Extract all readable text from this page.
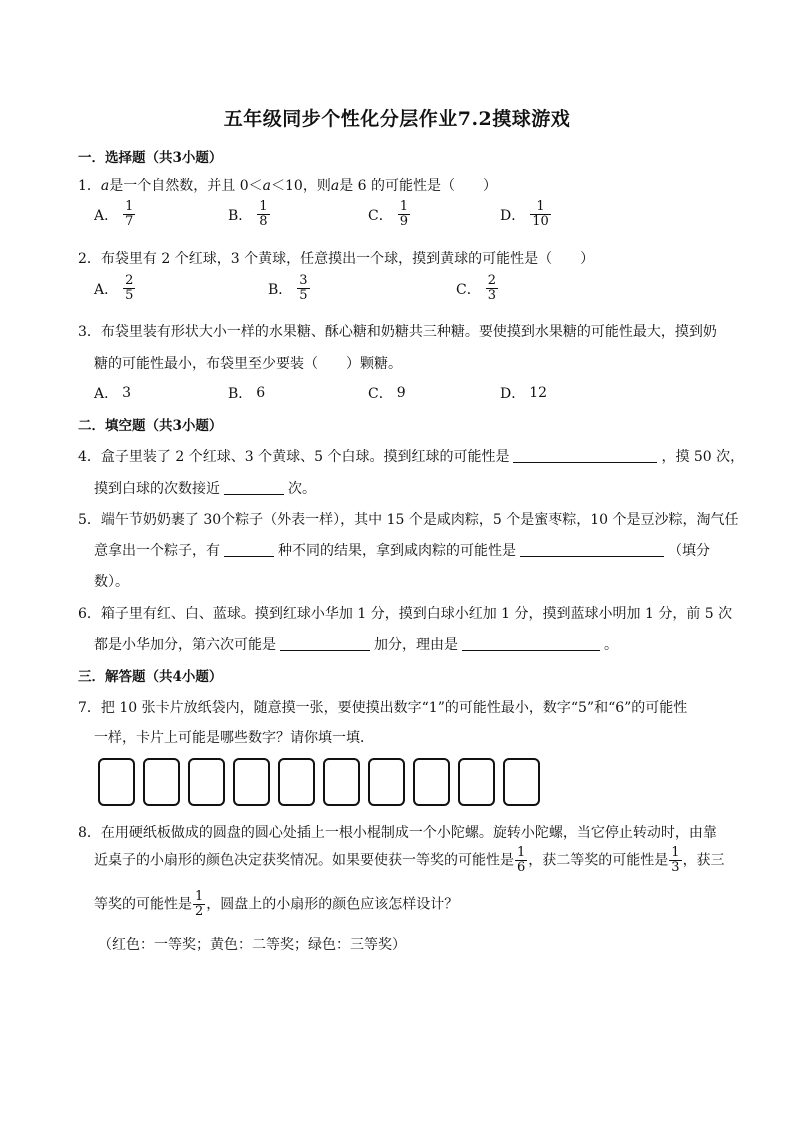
五年级同步个性化分层作业7.2摸球游戏
一．选择题（共3小题）
1．a是一个自然数，并且 0＜a＜10，则a是 6 的可能性是（　　）
A． $\frac{1}{7}$	B． $\frac{1}{8}$	C． $\frac{1}{9}$	D． $\frac{1}{10}$
2．布袋里有 2 个红球，3 个黄球，任意摸出一个球，摸到黄球的可能性是（　　）
A． $\frac{2}{5}$	B． $\frac{3}{5}$	C． $\frac{2}{3}$
3．布袋里装有形状大小一样的水果糖、酥心糖和奶糖共三种糖。要使摸到水果糖的可能性最大，摸到奶
糖的可能性最小，布袋里至少要装（　　）颗糖。
A． 3	B． 6	C． 9	D． 12
二．填空题（共3小题）
4．盒子里装了 2 个红球、3 个黄球、5 个白球。摸到红球的可能性是	，摸 50 次，
摸到白球的次数接近	次。
5．端午节奶奶裹了 30个粽子（外表一样），其中 15 个是咸肉粽，5 个是蜜枣粽，10 个是豆沙粽，淘气任
意拿出一个粽子，有	种不同的结果，拿到咸肉粽的可能性是	（填分
数）。
6．箱子里有红、白、蓝球。摸到红球小华加 1 分，摸到白球小红加 1 分，摸到蓝球小明加 1 分，前 5 次
都是小华加分，第六次可能是	加分，理由是	。
三．解答题（共4小题）
7．把 10 张卡片放纸袋内，随意摸一张，要使摸出数字“1”的可能性最小，数字“5”和“6”的可能性
一样，卡片上可能是哪些数字？请你填一填．
8．在用硬纸板做成的圆盘的圆心处插上一根小棍制成一个小陀螺。旋转小陀螺，当它停止转动时，由靠
近桌子的小扇形的颜色决定获奖情况。如果要使获一等奖的可能性是 $\frac{1}{6}$ ，获二等奖的可能性是 $\frac{1}{3}$ ，获三
等奖的可能性是 $\frac{1}{2}$ ，圆盘上的小扇形的颜色应该怎样设计？
（红色：一等奖；黄色：二等奖；绿色：三等奖）
